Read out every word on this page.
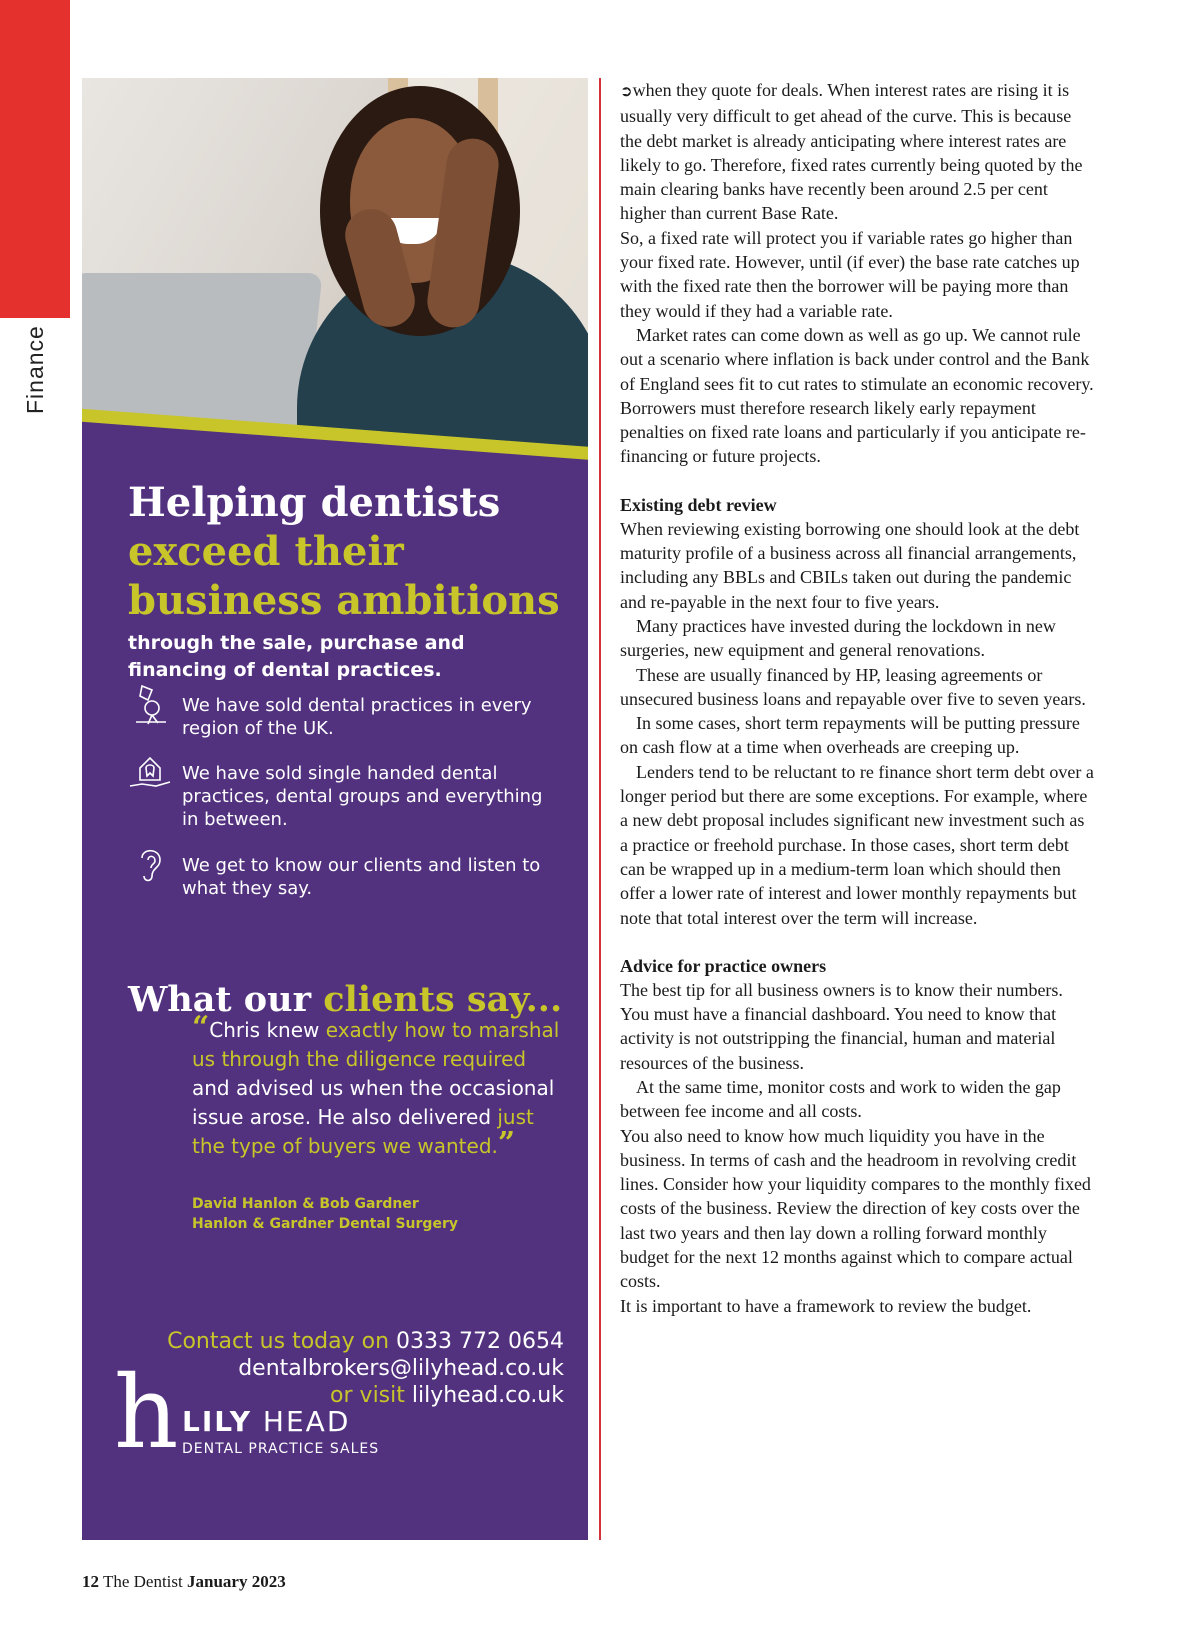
Finance
Helping dentists
exceed their
business ambitions
through the sale, purchase and financing of dental practices.
We have sold dental practices in every region of the UK.
We have sold single handed dental practices, dental groups and everything in between.
We get to know our clients and listen to what they say.
What our clients say...
“Chris knew exactly how to marshal us through the diligence required and advised us when the occasional issue arose. He also delivered just the type of buyers we wanted.”
David Hanlon & Bob Gardner
Hanlon & Gardner Dental Surgery
Contact us today on 0333 772 0654
dentalbrokers@lilyhead.co.uk
or visit lilyhead.co.uk
h LILY HEAD
DENTAL PRACTICE SALES

➲when they quote for deals. When interest rates are rising it is usually very difficult to get ahead of the curve. This is because the debt market is already anticipating where interest rates are likely to go. Therefore, fixed rates currently being quoted by the main clearing banks have recently been around 2.5 per cent higher than current Base Rate.

So, a fixed rate will protect you if variable rates go higher than your fixed rate. However, until (if ever) the base rate catches up with the fixed rate then the borrower will be paying more than they would if they had a variable rate.

Market rates can come down as well as go up. We cannot rule out a scenario where inflation is back under control and the Bank of England sees fit to cut rates to stimulate an economic recovery. Borrowers must therefore research likely early repayment penalties on fixed rate loans and particularly if you anticipate re-financing or future projects.

Existing debt review

When reviewing existing borrowing one should look at the debt maturity profile of a business across all financial arrangements, including any BBLs and CBILs taken out during the pandemic and re-payable in the next four to five years.

Many practices have invested during the lockdown in new surgeries, new equipment and general renovations.

These are usually financed by HP, leasing agreements or unsecured business loans and repayable over five to seven years.

In some cases, short term repayments will be putting pressure on cash flow at a time when overheads are creeping up.

Lenders tend to be reluctant to re finance short term debt over a longer period but there are some exceptions. For example, where a new debt proposal includes significant new investment such as a practice or freehold purchase. In those cases, short term debt can be wrapped up in a medium-term loan which should then offer a lower rate of interest and lower monthly repayments but note that total interest over the term will increase.

Advice for practice owners

The best tip for all business owners is to know their numbers. You must have a financial dashboard. You need to know that activity is not outstripping the financial, human and material resources of the business.

At the same time, monitor costs and work to widen the gap between fee income and all costs.

You also need to know how much liquidity you have in the business. In terms of cash and the headroom in revolving credit lines. Consider how your liquidity compares to the monthly fixed costs of the business. Review the direction of key costs over the last two years and then lay down a rolling forward monthly budget for the next 12 months against which to compare actual costs.

It is important to have a framework to review the budget.

12 The Dentist January 2023
